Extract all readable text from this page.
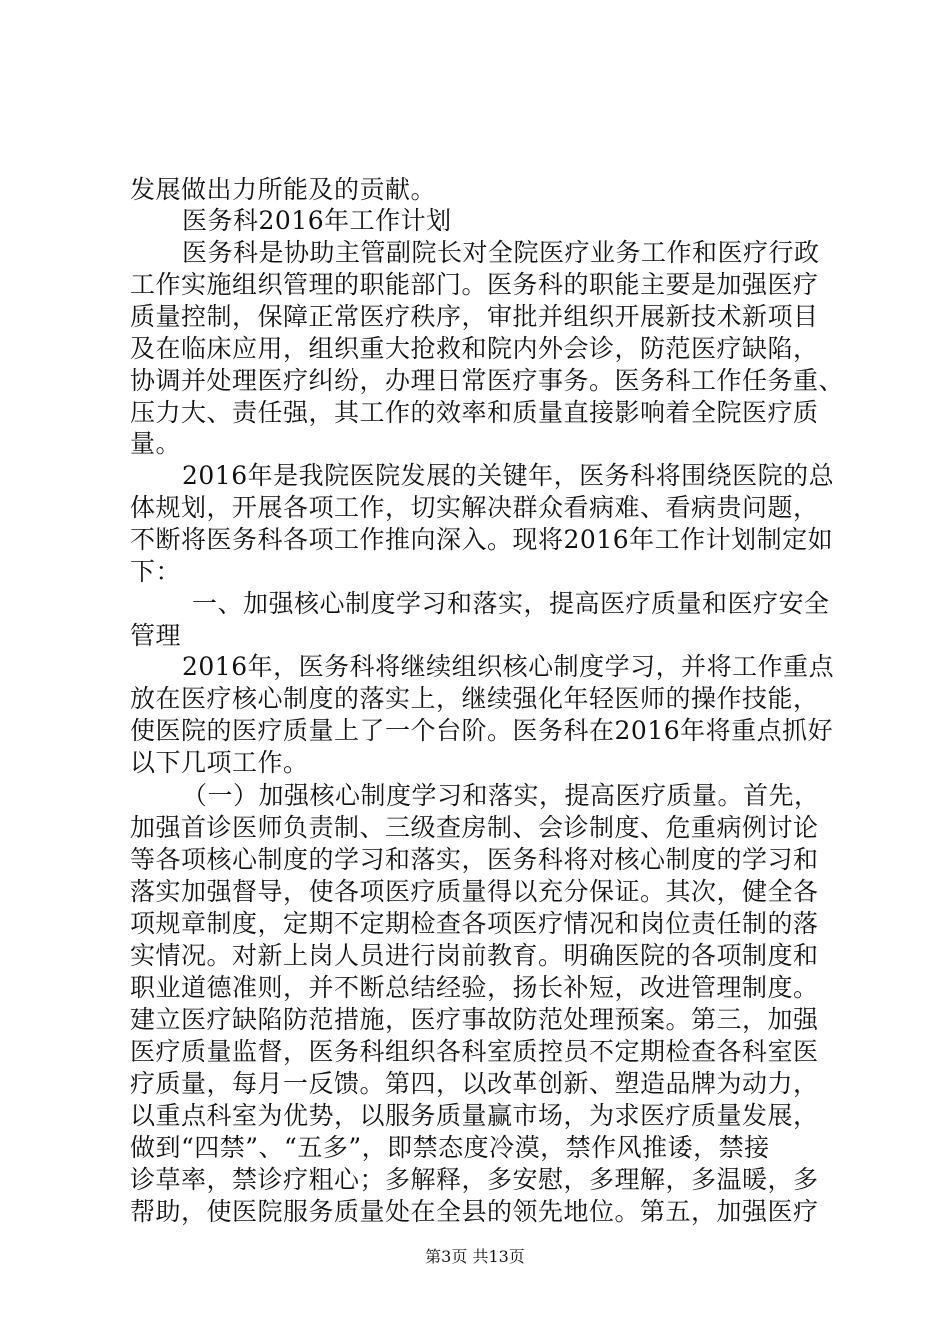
发展做出力所能及的贡献。
医务科2016年工作计划
医务科是协助主管副院长对全院医疗业务工作和医疗行政
工作实施组织管理的职能部门。医务科的职能主要是加强医疗
质量控制，保障正常医疗秩序，审批并组织开展新技术新项目
及在临床应用，组织重大抢救和院内外会诊，防范医疗缺陷，
协调并处理医疗纠纷，办理日常医疗事务。医务科工作任务重、
压力大、责任强，其工作的效率和质量直接影响着全院医疗质
量。
2016年是我院医院发展的关键年，医务科将围绕医院的总
体规划，开展各项工作，切实解决群众看病难、看病贵问题，
不断将医务科各项工作推向深入。现将2016年工作计划制定如
下：
一、加强核心制度学习和落实，提高医疗质量和医疗安全
管理
2016年，医务科将继续组织核心制度学习，并将工作重点
放在医疗核心制度的落实上，继续强化年轻医师的操作技能，
使医院的医疗质量上了一个台阶。医务科在2016年将重点抓好
以下几项工作。
（一）加强核心制度学习和落实，提高医疗质量。首先，
加强首诊医师负责制、三级查房制、会诊制度、危重病例讨论
等各项核心制度的学习和落实，医务科将对核心制度的学习和
落实加强督导，使各项医疗质量得以充分保证。其次，健全各
项规章制度，定期不定期检查各项医疗情况和岗位责任制的落
实情况。对新上岗人员进行岗前教育。明确医院的各项制度和
职业道德准则，并不断总结经验，扬长补短，改进管理制度。
建立医疗缺陷防范措施，医疗事故防范处理预案。第三，加强
医疗质量监督，医务科组织各科室质控员不定期检查各科室医
疗质量，每月一反馈。第四，以改革创新、塑造品牌为动力，
以重点科室为优势，以服务质量赢市场，为求医疗质量发展，
做到“四禁”、“五多”，即禁态度冷漠，禁作风推诿，禁接
诊草率，禁诊疗粗心；多解释，多安慰，多理解，多温暖，多
帮助，使医院服务质量处在全县的领先地位。第五，加强医疗
第3页 共13页
